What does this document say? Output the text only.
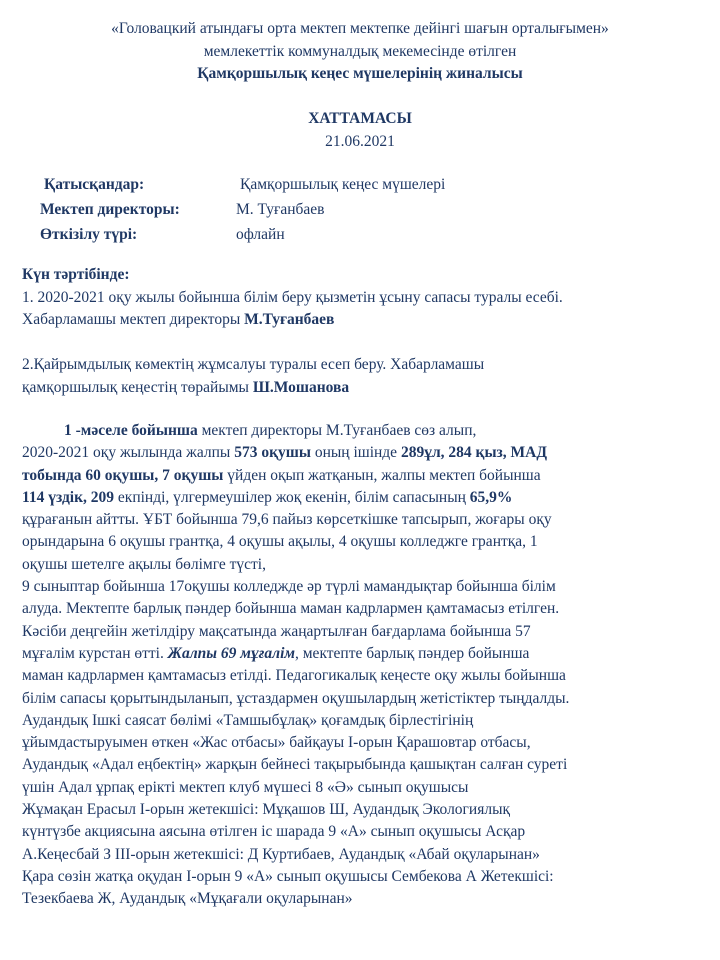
«Головацкий атындағы орта мектеп мектепке дейінгі шағын орталығымен»
мемлекеттік коммуналдық мекемесінде өтілген
Қамқоршылық кеңес мүшелерінің жиналысы
ХАТТАМАСЫ
21.06.2021
Қатысқандар:	Қамқоршылық кеңес мүшелері
Мектеп директоры:	М. Туғанбаев
Өткізілу түрі:	офлайн
Күн тәртібінде:
1. 2020-2021 оқу жылы бойынша білім беру қызметін ұсыну сапасы туралы есебі.
Хабарламашы мектеп директоры М.Туғанбаев
2.Қайрымдылық көмектің жұмсалуы туралы есеп беру. Хабарламашы
қамқоршылық кеңестің төрайымы Ш.Мошанова
1 -мәселе бойынша мектеп директоры М.Туғанбаев сөз алып,
2020-2021 оқу жылында жалпы 573 оқушы оның ішінде 289ұл, 284 қыз, МАД
тобында 60 оқушы, 7 оқушы үйден оқып жатқанын, жалпы мектеп бойынша
114 үздік, 209 екпінді, үлгермеушілер жоқ екенін, білім сапасының 65,9%
құрағанын айтты. ҰБТ бойынша 79,6 пайыз көрсеткішке тапсырып, жоғары оқу
орындарына 6 оқушы грантқа, 4 оқушы ақылы, 4 оқушы колледжге грантқа, 1
оқушы шетелге ақылы бөлімге түсті,
9 сыныптар бойынша 17оқушы колледжде әр түрлі мамандықтар бойынша білім
алуда. Мектепте барлық пәндер бойынша маман кадрлармен қамтамасыз етілген.
Кәсіби деңгейін жетілдіру мақсатында жаңартылған бағдарлама бойынша 57
мұғалім курстан өтті. Жалпы 69 мұғалім, мектепте барлық пәндер бойынша
маман кадрлармен қамтамасыз етілді. Педагогикалық кеңесте оқу жылы бойынша
білім сапасы қорытындыланып, ұстаздармен оқушылардың жетістіктер тыңдалды.
Аудандық Ішкі саясат бөлімі «Тамшыбұлақ» қоғамдық бірлестігінің
ұйымдастыруымен өткен «Жас отбасы» байқауы I-орын Қарашовтар отбасы,
Аудандық «Адал еңбектің» жарқын бейнесі тақырыбында қашықтан салған суреті
үшін Адал ұрпақ ерікті мектеп клуб мүшесі 8 «Ә» сынып оқушысы
Жұмақан Ерасыл I-орын жетекшісі: Мұқашов Ш, Аудандық Экологиялық
күнтүзбе акциясына аясына өтілген іс шарада 9 «А» сынып оқушысы Асқар
А.Кеңесбай З III-орын жетекшісі: Д Куртибаев, Аудандық «Абай оқуларынан»
Қара сөзін жатқа оқудан I-орын 9 «А» сынып оқушысы Сембекова А Жетекшісі:
Тезекбаева Ж, Аудандық «Мұқағали оқуларынан»
